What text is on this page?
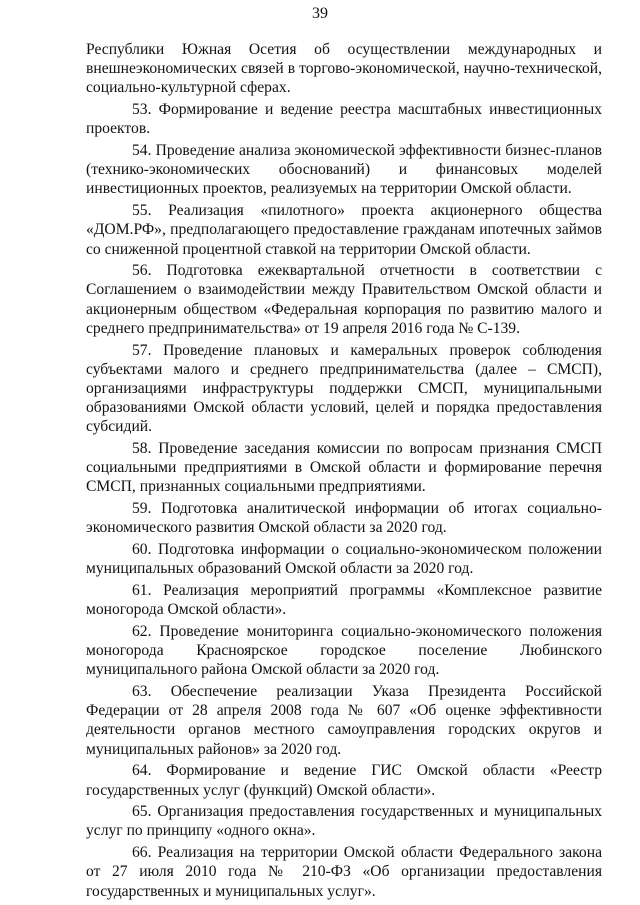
39

Республики Южная Осетия об осуществлении международных и внешнеэкономических связей в торгово-экономической, научно-технической, социально-культурной сферах.

53. Формирование и ведение реестра масштабных инвестиционных проектов.

54. Проведение анализа экономической эффективности бизнес-планов (технико-экономических обоснований) и финансовых моделей инвестиционных проектов, реализуемых на территории Омской области.

55. Реализация «пилотного» проекта акционерного общества «ДОМ.РФ», предполагающего предоставление гражданам ипотечных займов со сниженной процентной ставкой на территории Омской области.

56. Подготовка ежеквартальной отчетности в соответствии с Соглашением о взаимодействии между Правительством Омской области и акционерным обществом «Федеральная корпорация по развитию малого и среднего предпринимательства» от 19 апреля 2016 года № С-139.

57. Проведение плановых и камеральных проверок соблюдения субъектами малого и среднего предпринимательства (далее – СМСП), организациями инфраструктуры поддержки СМСП, муниципальными образованиями Омской области условий, целей и порядка предоставления субсидий.

58. Проведение заседания комиссии по вопросам признания СМСП социальными предприятиями в Омской области и формирование перечня СМСП, признанных социальными предприятиями.

59. Подготовка аналитической информации об итогах социально-экономического развития Омской области за 2020 год.

60. Подготовка информации о социально-экономическом положении муниципальных образований Омской области за 2020 год.

61. Реализация мероприятий программы «Комплексное развитие моногорода Омской области».

62. Проведение мониторинга социально-экономического положения моногорода Красноярское городское поселение Любинского муниципального района Омской области за 2020 год.

63. Обеспечение реализации Указа Президента Российской Федерации от 28 апреля 2008 года № 607 «Об оценке эффективности деятельности органов местного самоуправления городских округов и муниципальных районов» за 2020 год.

64. Формирование и ведение ГИС Омской области «Реестр государственных услуг (функций) Омской области».

65. Организация предоставления государственных и муниципальных услуг по принципу «одного окна».

66. Реализация на территории Омской области Федерального закона от 27 июля 2010 года № 210-ФЗ «Об организации предоставления государственных и муниципальных услуг».
